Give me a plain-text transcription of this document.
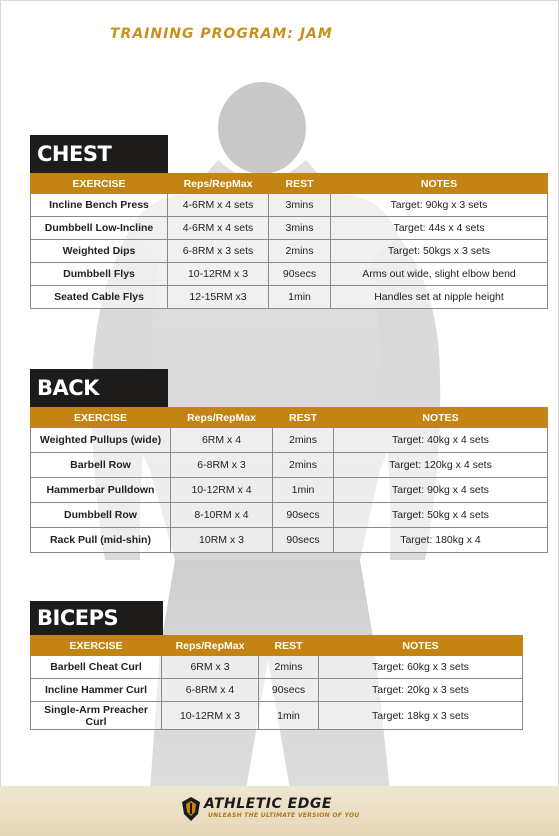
TRAINING PROGRAM: JAM
CHEST
EXERCISE	Reps/RepMax	REST	NOTES
Incline Bench Press	4-6RM x 4 sets	3mins	Target: 90kg x 3 sets
Dumbbell Low-Incline	4-6RM x 4 sets	3mins	Target: 44s x 4 sets
Weighted Dips	6-8RM x 3 sets	2mins	Target: 50kgs x 3 sets
Dumbbell Flys	10-12RM x 3	90secs	Arms out wide, slight elbow bend
Seated Cable Flys	12-15RM x3	1min	Handles set at nipple height
BACK
EXERCISE	Reps/RepMax	REST	NOTES
Weighted Pullups (wide)	6RM x 4	2mins	Target: 40kg x 4 sets
Barbell Row	6-8RM x 3	2mins	Target: 120kg x 4 sets
Hammerbar Pulldown	10-12RM x 4	1min	Target: 90kg x 4 sets
Dumbbell Row	8-10RM x 4	90secs	Target: 50kg x 4 sets
Rack Pull (mid-shin)	10RM x 3	90secs	Target: 180kg x 4
BICEPS
EXERCISE	Reps/RepMax	REST	NOTES
Barbell Cheat Curl	6RM x 3	2mins	Target: 60kg x 3 sets
Incline Hammer Curl	6-8RM x 4	90secs	Target: 20kg x 3 sets
Single-Arm Preacher Curl	10-12RM x 3	1min	Target: 18kg x 3 sets
ATHLETIC EDGE
UNLEASH THE ULTIMATE VERSION OF YOU
